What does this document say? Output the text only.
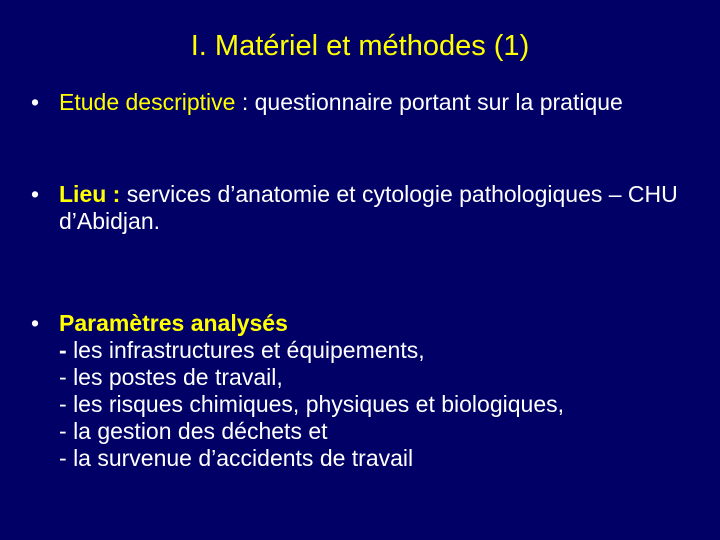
I. Matériel et méthodes (1)
• Etude descriptive : questionnaire portant sur la pratique
• Lieu : services d’anatomie et cytologie pathologiques – CHU d’Abidjan.
• Paramètres analysés
- les infrastructures et équipements,
- les postes de travail,
- les risques chimiques, physiques et biologiques,
- la gestion des déchets et
- la survenue d’accidents de travail
